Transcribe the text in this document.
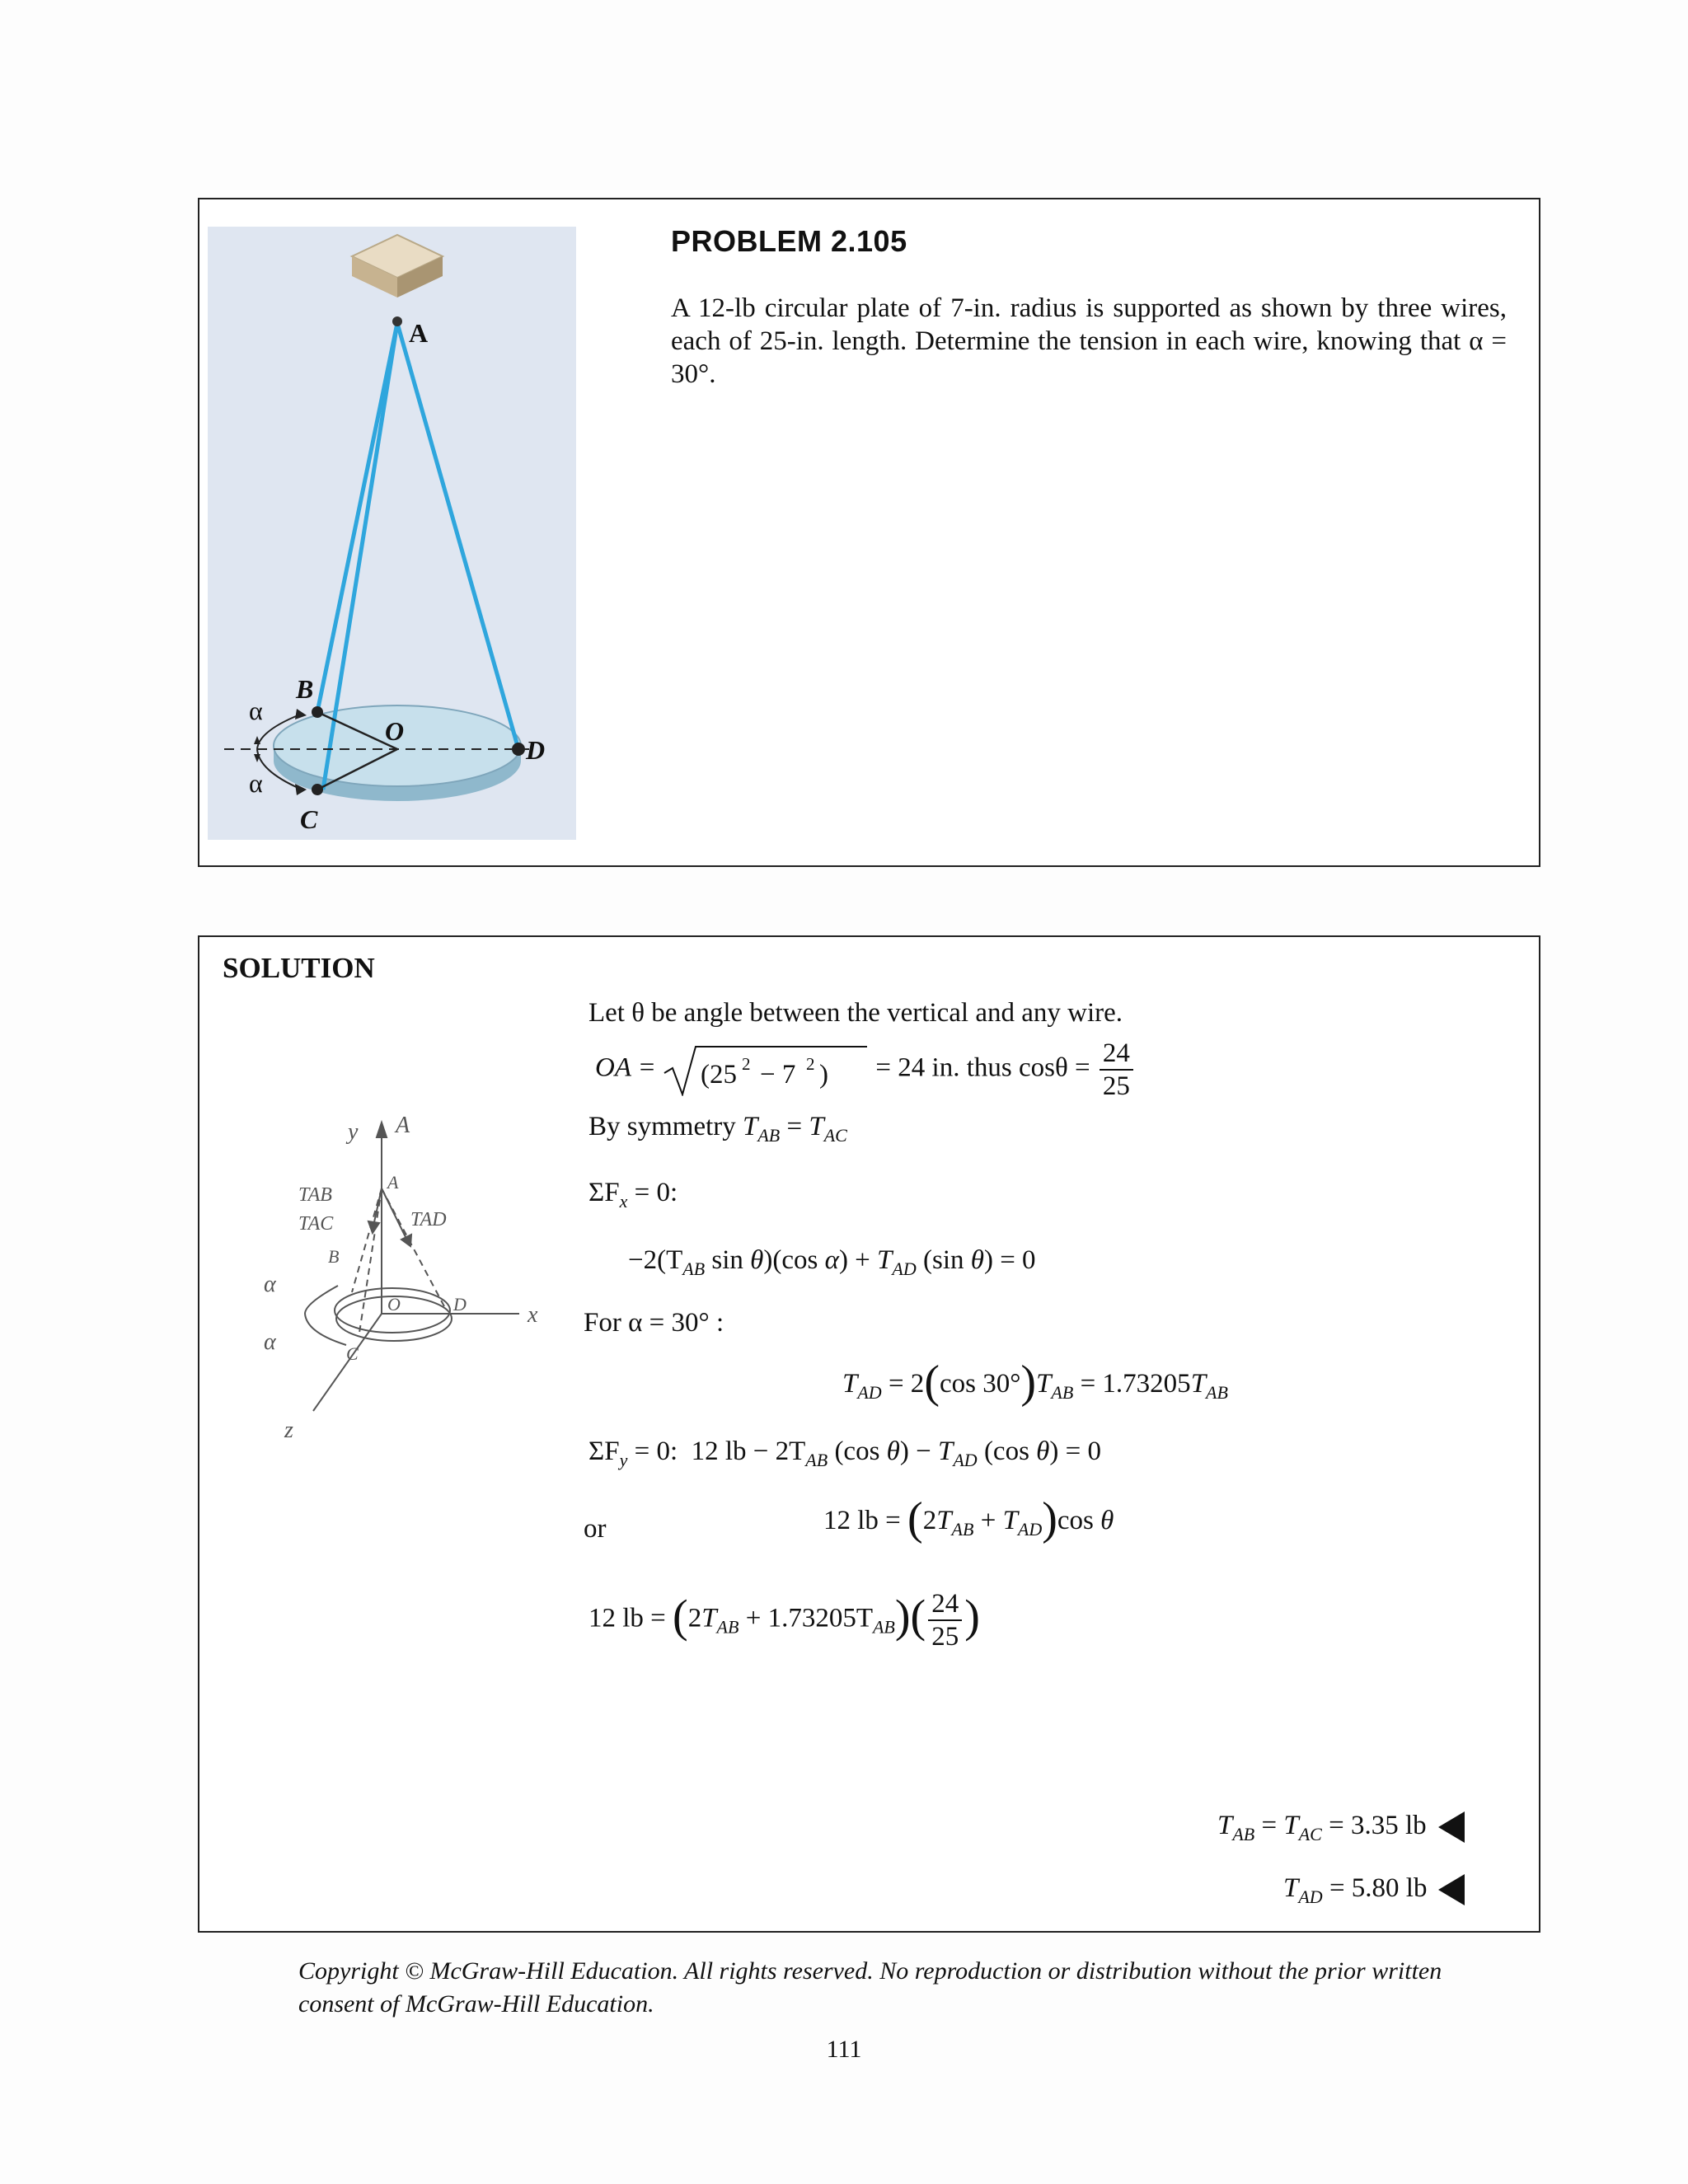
A
B
O
D
C
α
α
PROBLEM 2.105
A 12-lb circular plate of 7-in. radius is supported as shown by three wires, each of 25-in. length. Determine the tension in each wire, knowing that α = 30°.
SOLUTION
y A
A
TAB
TAC	TAD
B
O	D
C
x
z
α
α
Let θ be angle between the vertical and any wire.
OA = (25 2 − 7 2 ) = 24 in. thus $\cos\theta = \frac{24}{25}$
By symmetry $T_{AB} = T_{AC}$
$\Sigma F_x = 0$:
$-2(T_{AB}$ sin θ)(cos $\alpha) + T_{AD}$ (sin θ) = 0
For α = 30° :
$T_{AD} = 2(\cos$ $30^\circ)T_{AB} = 1.73205T_{AB}$
$\Sigma F_y = 0$: 12 lb − $2T_{AB}$ (cos $\theta) - T_{AD}$ (cos θ) = 0
or	12 lb = $(2T_{AB} + T_{AD})\cos$ θ
12 lb = $(2T_{AB} + 1.73205T_{AB})( \frac{24}{25}$ )
$T_{AB} = T_{AC} = 3.35$ lb
$T_{AD} = 5.80$ lb
Copyright © McGraw-Hill Education. All rights reserved. No reproduction or distribution without the prior written consent of McGraw-Hill Education.
111
